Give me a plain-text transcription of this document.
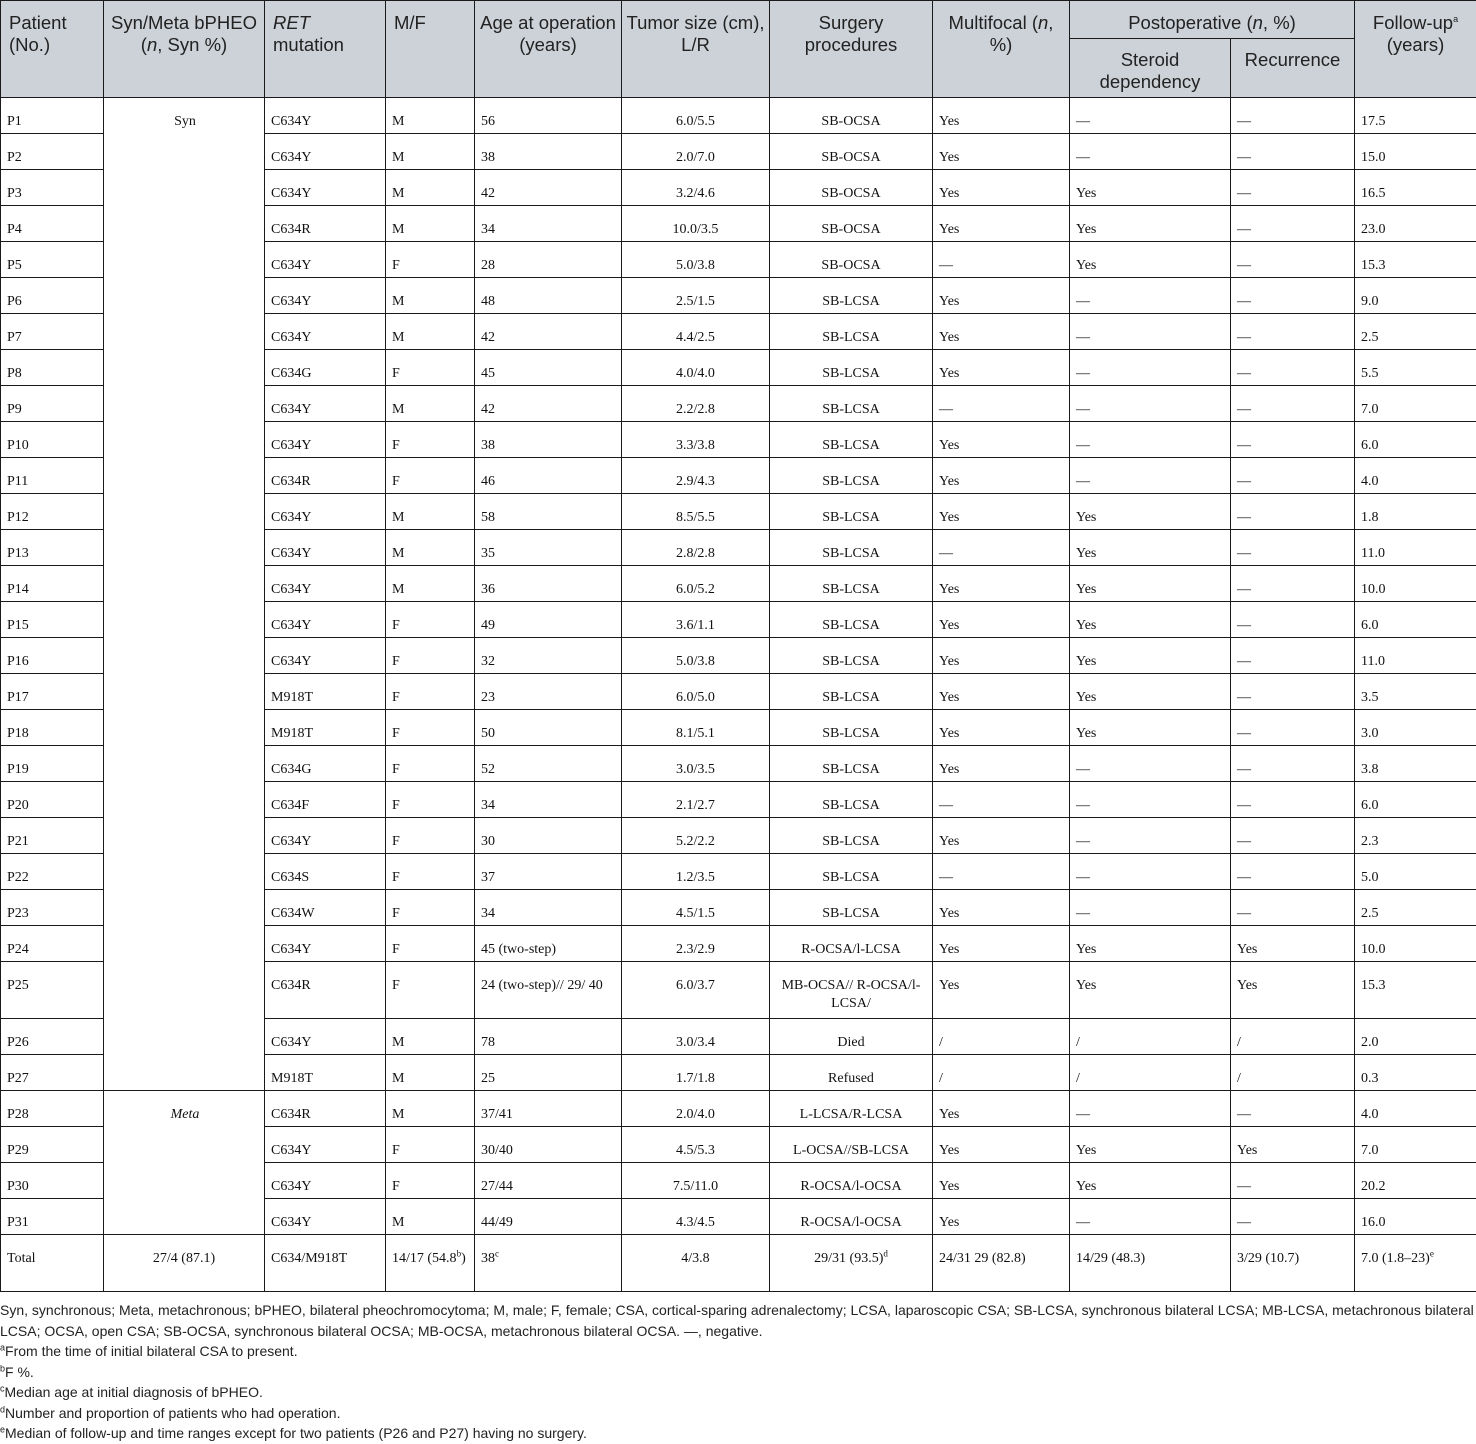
Patient (No.)	Syn/Meta bPHEO (n, Syn %)	RET mutation	M/F	Age at operation (years)	Tumor size (cm), L/R	Surgery procedures	Multifocal (n, %)	Postoperative (n, %)		Follow-$up^a$ (years)
								Steroid dependency	Recurrence	
P1	Syn	C634Y	M	56	6.0/5.5	SB-OCSA	Yes	—	—	17.5
P2		C634Y	M	38	2.0/7.0	SB-OCSA	Yes	—	—	15.0
P3		C634Y	M	42	3.2/4.6	SB-OCSA	Yes	Yes	—	16.5
P4		C634R	M	34	10.0/3.5	SB-OCSA	Yes	Yes	—	23.0
P5		C634Y	F	28	5.0/3.8	SB-OCSA	—	Yes	—	15.3
P6		C634Y	M	48	2.5/1.5	SB-LCSA	Yes	—	—	9.0
P7		C634Y	M	42	4.4/2.5	SB-LCSA	Yes	—	—	2.5
P8		C634G	F	45	4.0/4.0	SB-LCSA	Yes	—	—	5.5
P9		C634Y	M	42	2.2/2.8	SB-LCSA	—	—	—	7.0
P10		C634Y	F	38	3.3/3.8	SB-LCSA	Yes	—	—	6.0
P11		C634R	F	46	2.9/4.3	SB-LCSA	Yes	—	—	4.0
P12		C634Y	M	58	8.5/5.5	SB-LCSA	Yes	Yes	—	1.8
P13		C634Y	M	35	2.8/2.8	SB-LCSA	—	Yes	—	11.0
P14		C634Y	M	36	6.0/5.2	SB-LCSA	Yes	Yes	—	10.0
P15		C634Y	F	49	3.6/1.1	SB-LCSA	Yes	Yes	—	6.0
P16		C634Y	F	32	5.0/3.8	SB-LCSA	Yes	Yes	—	11.0
P17		M918T	F	23	6.0/5.0	SB-LCSA	Yes	Yes	—	3.5
P18		M918T	F	50	8.1/5.1	SB-LCSA	Yes	Yes	—	3.0
P19		C634G	F	52	3.0/3.5	SB-LCSA	Yes	—	—	3.8
P20		C634F	F	34	2.1/2.7	SB-LCSA	—	—	—	6.0
P21		C634Y	F	30	5.2/2.2	SB-LCSA	Yes	—	—	2.3
P22		C634S	F	37	1.2/3.5	SB-LCSA	—	—	—	5.0
P23		C634W	F	34	4.5/1.5	SB-LCSA	Yes	—	—	2.5
P24		C634Y	F	45 (two-step)	2.3/2.9	R-OCSA/l-LCSA	Yes	Yes	Yes	10.0
P25		C634R	F	24 (two-step)// 29/ 40	6.0/3.7	MB-OCSA// R-OCSA/l-LCSA/	Yes	Yes	Yes	15.3
P26		C634Y	M	78	3.0/3.4	Died	/	/	/	2.0
P27		M918T	M	25	1.7/1.8	Refused	/	/	/	0.3
P28	Meta	C634R	M	37/41	2.0/4.0	L-LCSA/R-LCSA	Yes	—	—	4.0
P29		C634Y	F	30/40	4.5/5.3	L-OCSA//SB-LCSA	Yes	Yes	Yes	7.0
P30		C634Y	F	27/44	7.5/11.0	R-OCSA/l-OCSA	Yes	Yes	—	20.2
P31		C634Y	M	44/49	4.3/4.5	R-OCSA/l-OCSA	Yes	—	—	16.0
Total	27/4 (87.1)	C634/M918T	14/17 (54.8$^b$)	38$^c$	4/3.8	29/31 $(93.5)^d$	24/31 29 (82.8)	14/29 (48.3)	3/29 (10.7)	7.0 $(1.8-23)^e$

Syn, synchronous; Meta, metachronous; bPHEO, bilateral pheochromocytoma; M, male; F, female; CSA, cortical-sparing adrenalectomy; LCSA, laparoscopic CSA; SB-LCSA, synchronous bilateral LCSA; MB-LCSA, metachronous bilateral LCSA; OCSA, open CSA; SB-OCSA, synchronous bilateral OCSA; MB-OCSA, metachronous bilateral OCSA. —, negative.

$^a$From the time of initial bilateral CSA to present.

$^b$F %.

$^c$Median age at initial diagnosis of bPHEO.

$^d$Number and proportion of patients who had operation.

$^e$Median of follow-up and time ranges except for two patients (P26 and P27) having no surgery.
